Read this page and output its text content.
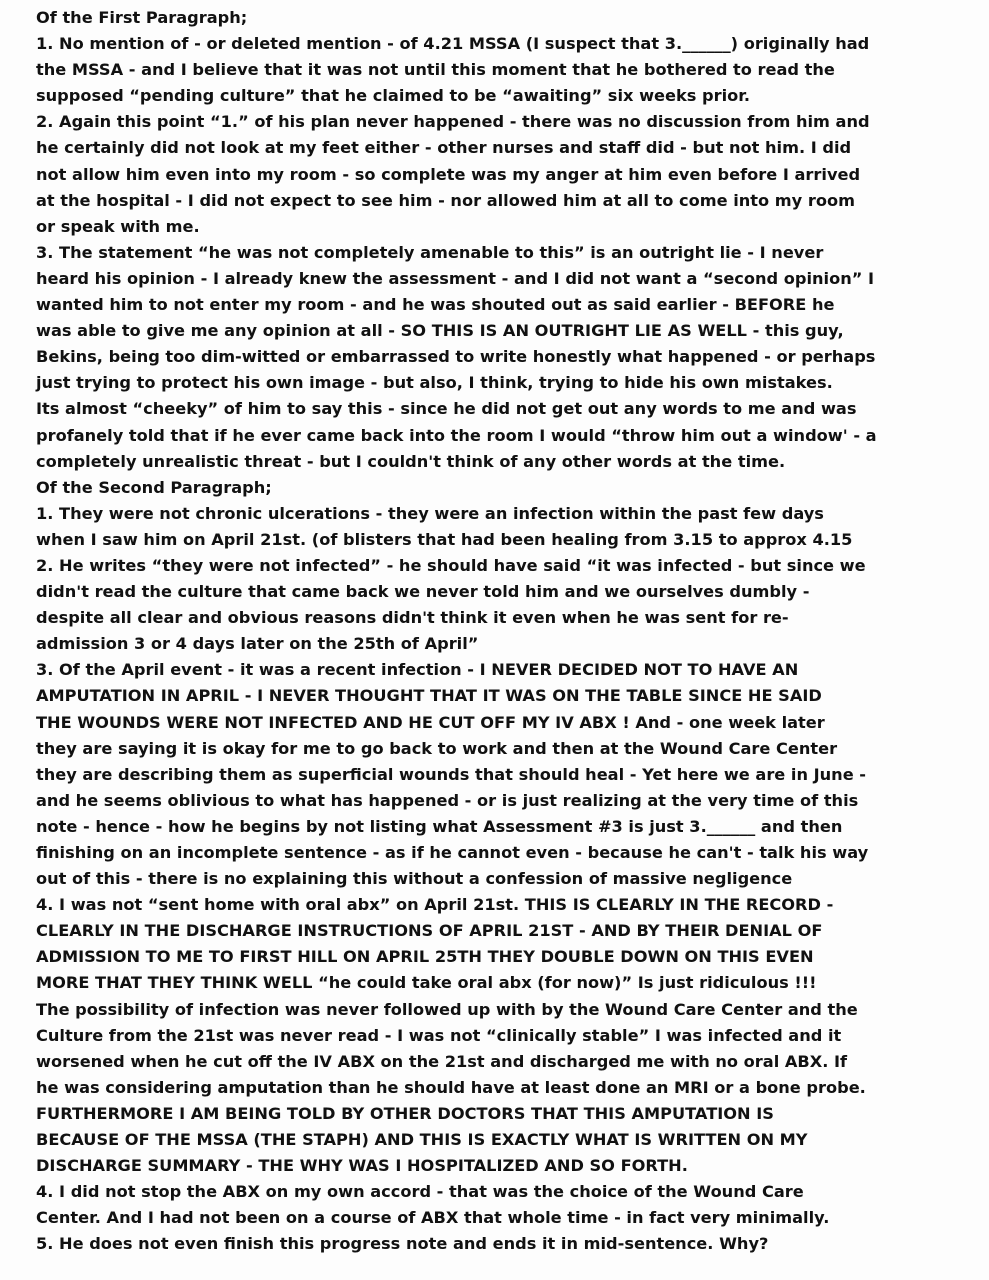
Of the First Paragraph;
1. No mention of - or deleted mention - of 4.21 MSSA (I suspect that 3.______) originally had
the MSSA - and I believe that it was not until this moment that he bothered to read the
supposed “pending culture” that he claimed to be “awaiting” six weeks prior.
2. Again this point “1.” of his plan never happened - there was no discussion from him and
he certainly did not look at my feet either - other nurses and staff did - but not him. I did
not allow him even into my room - so complete was my anger at him even before I arrived
at the hospital - I did not expect to see him - nor allowed him at all to come into my room
or speak with me.
3. The statement “he was not completely amenable to this” is an outright lie - I never
heard his opinion - I already knew the assessment - and I did not want a “second opinion” I
wanted him to not enter my room - and he was shouted out as said earlier - BEFORE he
was able to give me any opinion at all - SO THIS IS AN OUTRIGHT LIE AS WELL - this guy,
Bekins, being too dim-witted or embarrassed to write honestly what happened - or perhaps
just trying to protect his own image - but also, I think, trying to hide his own mistakes.
Its almost “cheeky” of him to say this - since he did not get out any words to me and was
profanely told that if he ever came back into the room I would “throw him out a window' - a
completely unrealistic threat - but I couldn't think of any other words at the time.
Of the Second Paragraph;
1. They were not chronic ulcerations - they were an infection within the past few days
when I saw him on April 21st. (of blisters that had been healing from 3.15 to approx 4.15
2. He writes “they were not infected” - he should have said “it was infected - but since we
didn't read the culture that came back we never told him and we ourselves dumbly -
despite all clear and obvious reasons didn't think it even when he was sent for re-
admission 3 or 4 days later on the 25th of April”
3. Of the April event - it was a recent infection - I NEVER DECIDED NOT TO HAVE AN
AMPUTATION IN APRIL - I NEVER THOUGHT THAT IT WAS ON THE TABLE SINCE HE SAID
THE WOUNDS WERE NOT INFECTED AND HE CUT OFF MY IV ABX ! And - one week later
they are saying it is okay for me to go back to work and then at the Wound Care Center
they are describing them as superficial wounds that should heal - Yet here we are in June -
and he seems oblivious to what has happened - or is just realizing at the very time of this
note - hence - how he begins by not listing what Assessment #3 is just 3.______ and then
finishing on an incomplete sentence - as if he cannot even - because he can't - talk his way
out of this - there is no explaining this without a confession of massive negligence
4. I was not “sent home with oral abx” on April 21st. THIS IS CLEARLY IN THE RECORD -
CLEARLY IN THE DISCHARGE INSTRUCTIONS OF APRIL 21ST - AND BY THEIR DENIAL OF
ADMISSION TO ME TO FIRST HILL ON APRIL 25TH THEY DOUBLE DOWN ON THIS EVEN
MORE THAT THEY THINK WELL “he could take oral abx (for now)” Is just ridiculous !!!
The possibility of infection was never followed up with by the Wound Care Center and the
Culture from the 21st was never read - I was not “clinically stable” I was infected and it
worsened when he cut off the IV ABX on the 21st and discharged me with no oral ABX. If
he was considering amputation than he should have at least done an MRI or a bone probe.
FURTHERMORE I AM BEING TOLD BY OTHER DOCTORS THAT THIS AMPUTATION IS
BECAUSE OF THE MSSA (THE STAPH) AND THIS IS EXACTLY WHAT IS WRITTEN ON MY
DISCHARGE SUMMARY - THE WHY WAS I HOSPITALIZED AND SO FORTH.
4. I did not stop the ABX on my own accord - that was the choice of the Wound Care
Center. And I had not been on a course of ABX that whole time - in fact very minimally.
5. He does not even finish this progress note and ends it in mid-sentence. Why?
